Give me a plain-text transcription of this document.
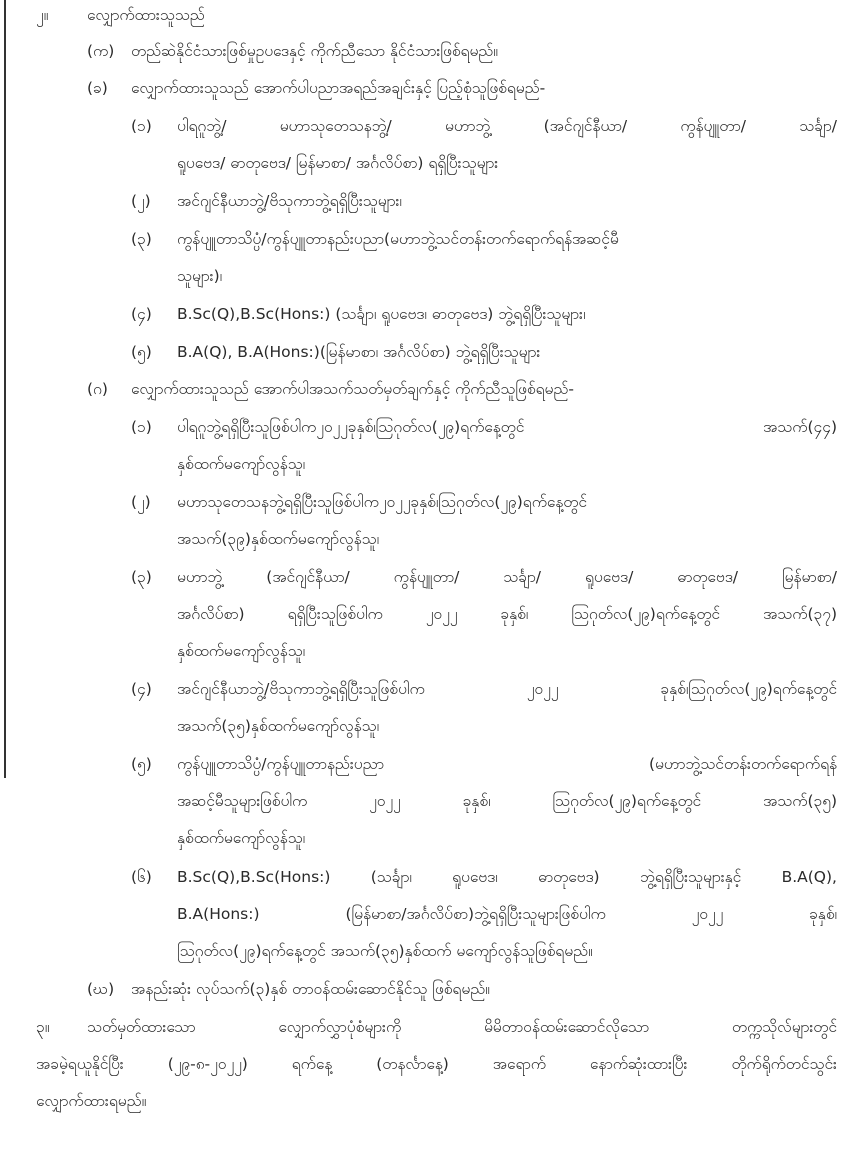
၂။ လျှောက်ထားသူသည်
(က) တည်ဆဲနိုင်ငံသားဖြစ်မှုဥပဒေနှင့် ကိုက်ညီသော နိုင်ငံသားဖြစ်ရမည်။
(ခ) လျှောက်ထားသူသည် အောက်ပါပညာအရည်အချင်းနှင့် ပြည့်စုံသူဖြစ်ရမည်-
(၁) ပါရဂူဘွဲ့/ မဟာသုတေသနဘွဲ့/ မဟာဘွဲ့ (အင်ဂျင်နီယာ/ ကွန်ပျူတာ/ သင်္ချာ/
ရူပဗေဒ/ ဓာတုဗေဒ/ မြန်မာစာ/ အင်္ဂလိပ်စာ) ရရှိပြီးသူများ
(၂) အင်ဂျင်နီယာဘွဲ့/ဗိသုကာဘွဲ့ရရှိပြီးသူများ၊
(၃) ကွန်ပျူတာသိပ္ပံ/ကွန်ပျူတာနည်းပညာ(မဟာဘွဲ့သင်တန်းတက်ရောက်ရန်အဆင့်မီ
သူများ)၊
(၄) B.Sc(Q),B.Sc(Hons:) (သင်္ချာ၊ ရူပဗေဒ၊ ဓာတုဗေဒ) ဘွဲ့ရရှိပြီးသူများ၊
(၅) B.A(Q), B.A(Hons:)(မြန်မာစာ၊ အင်္ဂလိပ်စာ) ဘွဲ့ရရှိပြီးသူများ
(ဂ) လျှောက်ထားသူသည် အောက်ပါအသက်သတ်မှတ်ချက်နှင့် ကိုက်ညီသူဖြစ်ရမည်-
(၁) ပါရဂူဘွဲ့ရရှိပြီးသူဖြစ်ပါက၂၀၂၂ခုနှစ်၊ဩဂုတ်လ(၂၉)ရက်နေ့တွင် အသက်(၄၄)
နှစ်ထက်မကျော်လွန်သူ၊
(၂) မဟာသုတေသနဘွဲ့ရရှိပြီးသူဖြစ်ပါက၂၀၂၂ခုနှစ်၊ဩဂုတ်လ(၂၉)ရက်နေ့တွင်
အသက်(၃၉)နှစ်ထက်မကျော်လွန်သူ၊
(၃) မဟာဘွဲ့ (အင်ဂျင်နီယာ/ ကွန်ပျူတာ/ သင်္ချာ/ ရူပဗေဒ/ ဓာတုဗေဒ/ မြန်မာစာ/
အင်္ဂလိပ်စာ) ရရှိပြီးသူဖြစ်ပါက ၂၀၂၂ ခုနှစ်၊ ဩဂုတ်လ(၂၉)ရက်နေ့တွင် အသက်(၃၇)
နှစ်ထက်မကျော်လွန်သူ၊
(၄) အင်ဂျင်နီယာဘွဲ့/ဗိသုကာဘွဲ့ရရှိပြီးသူဖြစ်ပါက ၂၀၂၂ ခုနှစ်၊ဩဂုတ်လ(၂၉)ရက်နေ့တွင်
အသက်(၃၅)နှစ်ထက်မကျော်လွန်သူ၊
(၅) ကွန်ပျူတာသိပ္ပံ/ကွန်ပျူတာနည်းပညာ (မဟာဘွဲ့သင်တန်းတက်ရောက်ရန်
အဆင့်မီသူများဖြစ်ပါက ၂၀၂၂ ခုနှစ်၊ ဩဂုတ်လ(၂၉)ရက်နေ့တွင် အသက်(၃၅)
နှစ်ထက်မကျော်လွန်သူ၊
(၆) B.Sc(Q),B.Sc(Hons:) (သင်္ချာ၊ ရူပဗေဒ၊ ဓာတုဗေဒ) ဘွဲ့ရရှိပြီးသူများနှင့် B.A(Q),
B.A(Hons:) (မြန်မာစာ/အင်္ဂလိပ်စာ)ဘွဲ့ရရှိပြီးသူများဖြစ်ပါက ၂၀၂၂ ခုနှစ်၊
ဩဂုတ်လ(၂၉)ရက်နေ့တွင် အသက်(၃၅)နှစ်ထက် မကျော်လွန်သူဖြစ်ရမည်။
(ဃ) အနည်းဆုံး လုပ်သက်(၃)နှစ် တာဝန်ထမ်းဆောင်နိုင်သူ ဖြစ်ရမည်။
၃။ သတ်မှတ်ထားသော လျှောက်လွှာပုံစံများကို မိမိတာဝန်ထမ်းဆောင်လိုသော တက္ကသိုလ်များတွင်
အခမဲ့ရယူနိုင်ပြီး (၂၉-၈-၂၀၂၂) ရက်နေ့ (တနင်္လာနေ့) အရောက် နောက်ဆုံးထားပြီး တိုက်ရိုက်တင်သွင်း
လျှောက်ထားရမည်။
